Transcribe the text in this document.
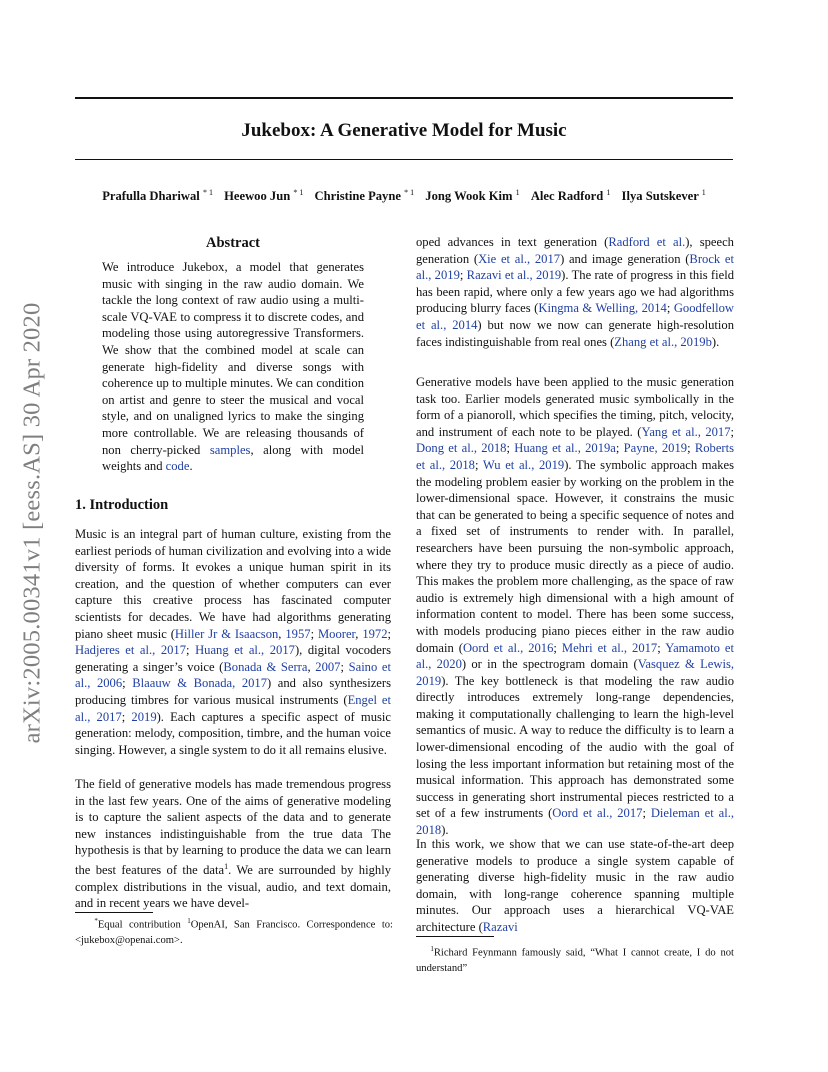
arXiv:2005.00341v1 [eess.AS] 30 Apr 2020
Jukebox: A Generative Model for Music
Prafulla Dhariwal $^{* 1}$ Heewoo Jun $^{* 1}$ Christine Payne $^{* 1}$ Jong Wook Kim $^1$ Alec Radford $^1$ Ilya Sutskever $^1$
Abstract

We introduce Jukebox, a model that generates music with singing in the raw audio domain. We tackle the long context of raw audio using a multi-scale VQ-VAE to compress it to discrete codes, and modeling those using autoregressive Transformers. We show that the combined model at scale can generate high-fidelity and diverse songs with coherence up to multiple minutes. We can condition on artist and genre to steer the musical and vocal style, and on unaligned lyrics to make the singing more controllable. We are releasing thousands of non cherry-picked samples, along with model weights and code.

1. Introduction

Music is an integral part of human culture, existing from the earliest periods of human civilization and evolving into a wide diversity of forms. It evokes a unique human spirit in its creation, and the question of whether computers can ever capture this creative process has fascinated computer scientists for decades. We have had algorithms generating piano sheet music (Hiller Jr & Isaacson, 1957; Moorer, 1972; Hadjeres et al., 2017; Huang et al., 2017), digital vocoders generating a singer’s voice (Bonada & Serra, 2007; Saino et al., 2006; Blaauw & Bonada, 2017) and also synthesizers producing timbres for various musical instruments (Engel et al., 2017; 2019). Each captures a specific aspect of music generation: melody, composition, timbre, and the human voice singing. However, a single system to do it all remains elusive.

The field of generative models has made tremendous progress in the last few years. One of the aims of generative modeling is to capture the salient aspects of the data and to generate new instances indistinguishable from the true data The hypothesis is that by learning to produce the data we can learn the best features of the data$^1$. We are surrounded by highly complex distributions in the visual, audio, and text domain, and in recent years we have devel-

*Equal contribution $^1$OpenAI, San Francisco. Correspondence to: <jukebox@openai.com>.

oped advances in text generation (Radford et al.), speech generation (Xie et al., 2017) and image generation (Brock et al., 2019; Razavi et al., 2019). The rate of progress in this field has been rapid, where only a few years ago we had algorithms producing blurry faces (Kingma & Welling, 2014; Goodfellow et al., 2014) but now we now can generate high-resolution faces indistinguishable from real ones (Zhang et al., 2019b).

Generative models have been applied to the music generation task too. Earlier models generated music symbolically in the form of a pianoroll, which specifies the timing, pitch, velocity, and instrument of each note to be played. (Yang et al., 2017; Dong et al., 2018; Huang et al., 2019a; Payne, 2019; Roberts et al., 2018; Wu et al., 2019). The symbolic approach makes the modeling problem easier by working on the problem in the lower-dimensional space. However, it constrains the music that can be generated to being a specific sequence of notes and a fixed set of instruments to render with. In parallel, researchers have been pursuing the non-symbolic approach, where they try to produce music directly as a piece of audio. This makes the problem more challenging, as the space of raw audio is extremely high dimensional with a high amount of information content to model. There has been some success, with models producing piano pieces either in the raw audio domain (Oord et al., 2016; Mehri et al., 2017; Yamamoto et al., 2020) or in the spectrogram domain (Vasquez & Lewis, 2019). The key bottleneck is that modeling the raw audio directly introduces extremely long-range dependencies, making it computationally challenging to learn the high-level semantics of music. A way to reduce the difficulty is to learn a lower-dimensional encoding of the audio with the goal of losing the less important information but retaining most of the musical information. This approach has demonstrated some success in generating short instrumental pieces restricted to a set of a few instruments (Oord et al., 2017; Dieleman et al., 2018).

In this work, we show that we can use state-of-the-art deep generative models to produce a single system capable of generating diverse high-fidelity music in the raw audio domain, with long-range coherence spanning multiple minutes. Our approach uses a hierarchical VQ-VAE architecture (Razavi

$^1$Richard Feynmann famously said, “What I cannot create, I do not understand”
